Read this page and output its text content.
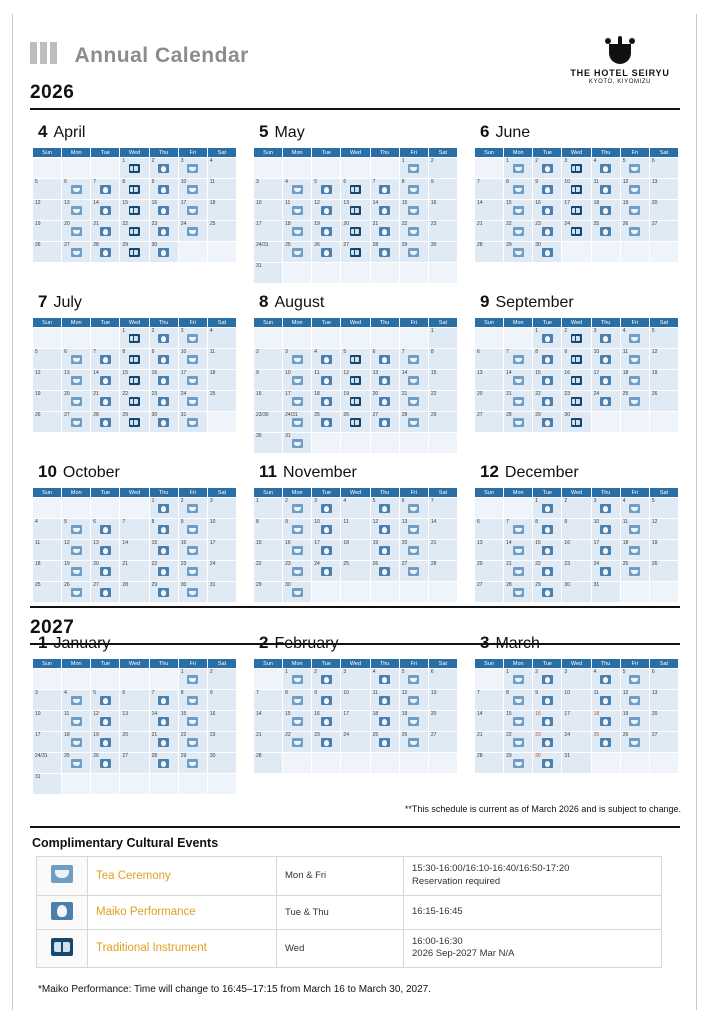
Annual Calendar
THE HOTEL SEIRYU
KYOTO, KIYOMIZU
2026
2027
4 April
Sun	Mon	Tue	Wed	Thu	Fri	Sat

			1	2	3	4

5	6	7	8	9	10	11

12	13	14	15	16	17	18

19	20	21	22	23	24	25

26	27	28	29	30		

5 May
Sun	Mon	Tue	Wed	Thu	Fri	Sat

					1	2

3	4	5	6	7	8	9

10	11	12	13	14	15	16

17	18	19	20	21	22	23

24/31	25	26	27	28	29	30

31						

6 June
Sun	Mon	Tue	Wed	Thu	Fri	Sat

	1	2	3	4	5	6

7	8	9	10	11	12	13

14	15	16	17	18	19	20

21	22	23	24	25	26	27

28	29	30				

7 July
Sun	Mon	Tue	Wed	Thu	Fri	Sat

			1	2	3	4

5	6	7	8	9	10	11

12	13	14	15	16	17	18

19	20	21	22	23	24	25

26	27	28	29	30	31	

8 August
Sun	Mon	Tue	Wed	Thu	Fri	Sat

						1

2	3	4	5	6	7	8

9	10	11	12	13	14	15

16	17	18	19	20	21	22

23/30	24/31	25	26	27	28	29

30	31					

9 September
Sun	Mon	Tue	Wed	Thu	Fri	Sat

		1	2	3	4	5

6	7	8	9	10	11	12

13	14	15	16	17	18	19

20	21	22	23	24	25	26

27	28	29	30			

10 October
Sun	Mon	Tue	Wed	Thu	Fri	Sat

				1	2	3

4	5	6	7	8	9	10

11	12	13	14	15	16	17

18	19	20	21	22	23	24

25	26	27	28	29	30	31
11 November
Sun	Mon	Tue	Wed	Thu	Fri	Sat

1	2	3	4	5	6	7

8	9	10	11	12	13	14

15	16	17	18	19	20	21

22	23	24	25	26	27	28

29	30					

12 December
Sun	Mon	Tue	Wed	Thu	Fri	Sat

		1	2	3	4	5

6	7	8	9	10	11	12

13	14	15	16	17	18	19

20	21	22	23	24	25	26

27	28	29	30	31		

1 January
Sun	Mon	Tue	Wed	Thu	Fri	Sat

					1	2

3	4	5	6	7	8	9

10	11	12	13	14	15	16

17	18	19	20	21	22	23

24/31	25	26	27	28	29	30

31						

2 February
Sun	Mon	Tue	Wed	Thu	Fri	Sat

	1	2	3	4	5	6

7	8	9	10	11	12	13

14	15	16	17	18	19	20

21	22	23	24	25	26	27

28						

3 March
Sun	Mon	Tue	Wed	Thu	Fri	Sat

	1	2	3	4	5	6

7	8	9	10	11	12	13

14	15	16	17	18	19	20

21	22	23	24	25	26	27

28	29	30	31			

**This schedule is current as of March 2026 and is subject to change.
Complimentary Cultural Events
	Tea Ceremony	Mon & Fri	15:30-16:00/16:10-16:40/16:50-17:20
Reservation required
	Maiko Performance	Tue & Thu	16:15-16:45
	Traditional Instrument	Wed	16:00-16:30
2026 Sep-2027 Mar N/A
*Maiko Performance: Time will change to 16:45–17:15 from March 16 to March 30, 2027.
